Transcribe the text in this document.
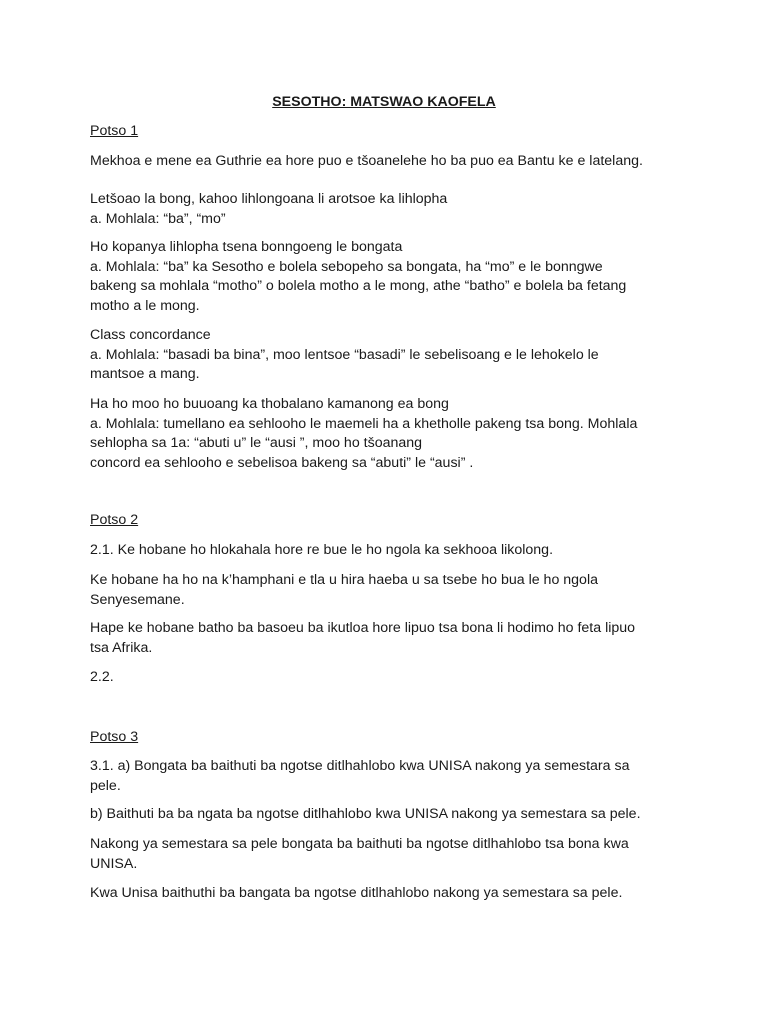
SESOTHO: MATSWAO KAOFELA
Potso 1
Mekhoa e mene ea Guthrie ea hore puo e tšoanelehe ho ba puo ea Bantu ke e latelang.

Letšoao la bong, kahoo lihlongoana li arotsoe ka lihlopha

a. Mohlala: “ba”, “mo”

Ho kopanya lihlopha tsena bonngoeng le bongata

a. Mohlala: “ba” ka Sesotho e bolela sebopeho sa bongata, ha “mo” e le bonngwe

bakeng sa mohlala “motho” o bolela motho a le mong, athe “batho” e bolela ba fetang

motho a le mong.

Class concordance

a. Mohlala: “basadi ba bina”, moo lentsoe “basadi” le sebelisoang e le lehokelo le

mantsoe a mang.

Ha ho moo ho buuoang ka thobalano kamanong ea bong

a. Mohlala: tumellano ea sehlooho le maemeli ha a khetholle pakeng tsa bong. Mohlala

sehlopha sa 1a: “abuti u” le “ausi ”, moo ho tšoanang

concord ea sehlooho e sebelisoa bakeng sa “abuti” le “ausi” .

Potso 2

2.1. Ke hobane ho hlokahala hore re bue le ho ngola ka sekhooa likolong.

Ke hobane ha ho na k’hamphani e tla u hira haeba u sa tsebe ho bua le ho ngola

Senyesemane.

Hape ke hobane batho ba basoeu ba ikutloa hore lipuo tsa bona li hodimo ho feta lipuo

tsa Afrika.

2.2.

Potso 3

3.1. a) Bongata ba baithuti ba ngotse ditlhahlobo kwa UNISA nakong ya semestara sa

pele.

b) Baithuti ba ba ngata ba ngotse ditlhahlobo kwa UNISA nakong ya semestara sa pele.

Nakong ya semestara sa pele bongata ba baithuti ba ngotse ditlhahlobo tsa bona kwa

UNISA.

Kwa Unisa baithuthi ba bangata ba ngotse ditlhahlobo nakong ya semestara sa pele.
